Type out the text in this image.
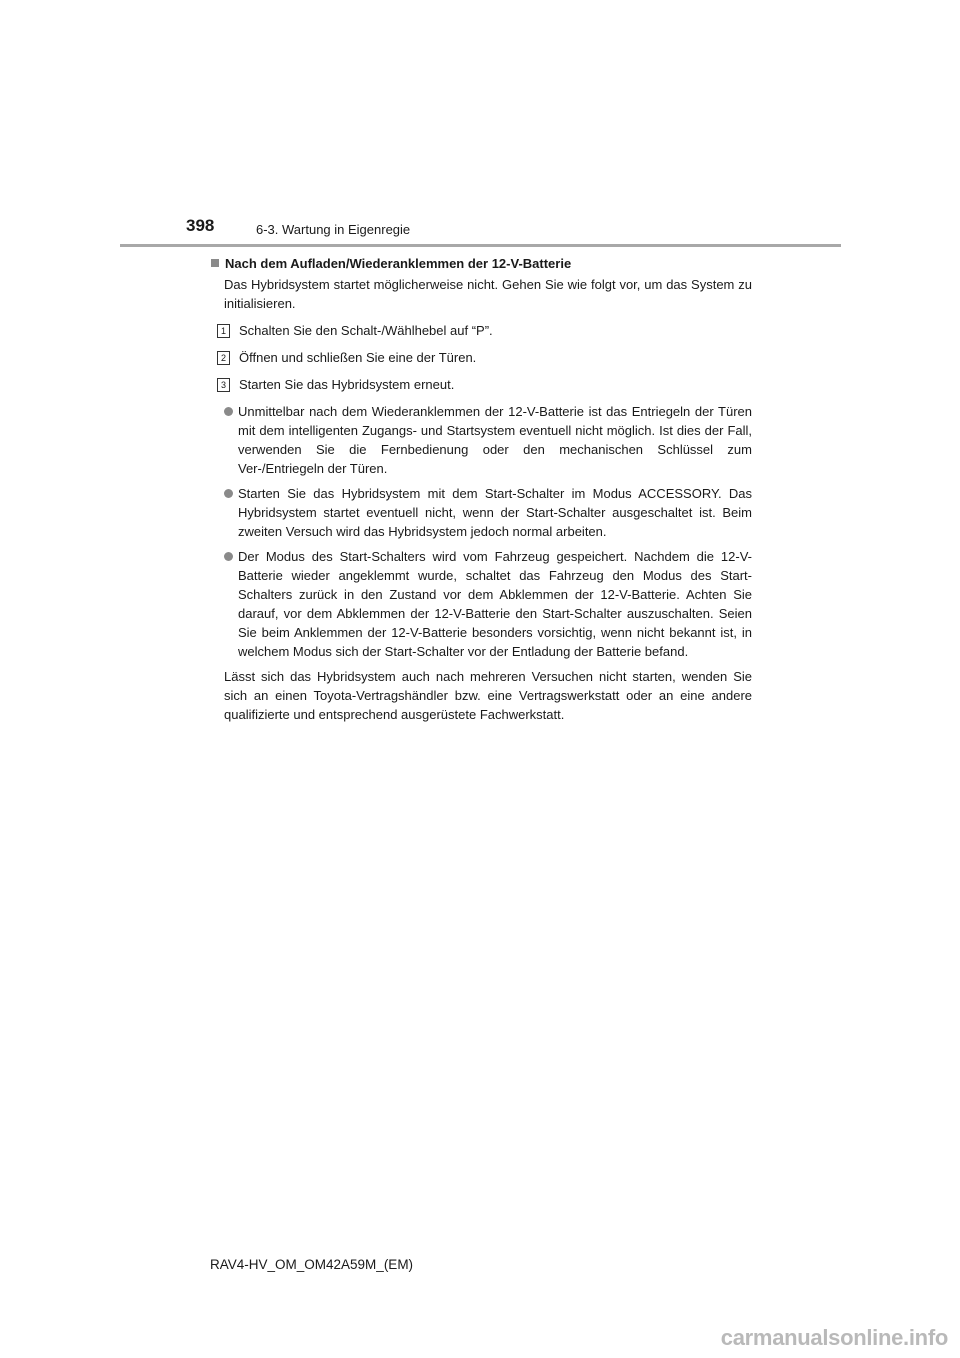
398	6-3. Wartung in Eigenregie
Nach dem Aufladen/Wiederanklemmen der 12-V-Batterie

Das Hybridsystem startet möglicherweise nicht. Gehen Sie wie folgt vor, um das System zu initialisieren.

1	Schalten Sie den Schalt-/Wählhebel auf “P”.
2	Öffnen und schließen Sie eine der Türen.
3	Starten Sie das Hybridsystem erneut.
Unmittelbar nach dem Wiederanklemmen der 12-V-Batterie ist das Entriegeln der Türen mit dem intelligenten Zugangs- und Startsystem eventuell nicht möglich. Ist dies der Fall, verwenden Sie die Fernbedienung oder den mechanischen Schlüssel zum Ver-/Entriegeln der Türen.
Starten Sie das Hybridsystem mit dem Start-Schalter im Modus ACCESSORY. Das Hybridsystem startet eventuell nicht, wenn der Start-Schalter ausgeschaltet ist. Beim zweiten Versuch wird das Hybridsystem jedoch normal arbeiten.
Der Modus des Start-Schalters wird vom Fahrzeug gespeichert. Nachdem die 12-V-Batterie wieder angeklemmt wurde, schaltet das Fahrzeug den Modus des Start-Schalters zurück in den Zustand vor dem Abklemmen der 12-V-Batterie. Achten Sie darauf, vor dem Abklemmen der 12-V-Batterie den Start-Schalter auszuschalten. Seien Sie beim Anklemmen der 12-V-Batterie besonders vorsichtig, wenn nicht bekannt ist, in welchem Modus sich der Start-Schalter vor der Entladung der Batterie befand.

Lässt sich das Hybridsystem auch nach mehreren Versuchen nicht starten, wenden Sie sich an einen Toyota-Vertragshändler bzw. eine Vertragswerkstatt oder an eine andere qualifizierte und entsprechend ausgerüstete Fachwerkstatt.

RAV4-HV_OM_OM42A59M_(EM)
carmanualsonline.info
